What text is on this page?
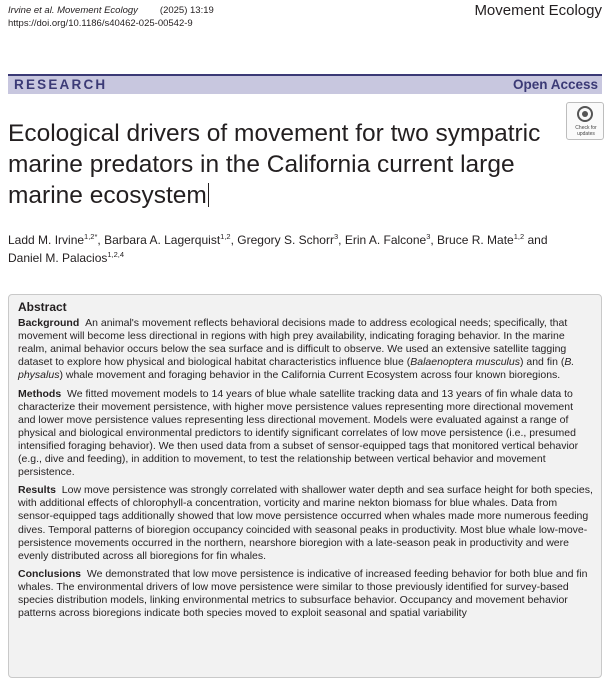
Irvine et al. Movement Ecology (2025) 13:19
https://doi.org/10.1186/s40462-025-00542-9
Movement Ecology
RESEARCH	Open Access
Ecological drivers of movement for two sympatric marine predators in the California current large marine ecosystem
Check for
updates
Ladd M. Irvine$^{1,2*}$, Barbara A. Lagerquist$^{1,2}$, Gregory S. Schorr$^3$, Erin A. Falcone$^3$, Bruce R. Mate$^{1,2}$ and Daniel M. Palacios$^{1,2,4}$
Abstract

Background An animal's movement reflects behavioral decisions made to address ecological needs; specifically, that movement will become less directional in regions with high prey availability, indicating foraging behavior. In the marine realm, animal behavior occurs below the sea surface and is difficult to observe. We used an extensive satellite tagging dataset to explore how physical and biological habitat characteristics influence blue (Balaenoptera musculus) and fin (B. physalus) whale movement and foraging behavior in the California Current Ecosystem across four known bioregions.

Methods We fitted movement models to 14 years of blue whale satellite tracking data and 13 years of fin whale data to characterize their movement persistence, with higher move persistence values representing more directional movement and lower move persistence values representing less directional movement. Models were evaluated against a range of physical and biological environmental predictors to identify significant correlates of low move persistence (i.e., presumed intensified foraging behavior). We then used data from a subset of sensor-equipped tags that monitored vertical behavior (e.g., dive and feeding), in addition to movement, to test the relationship between vertical behavior and movement persistence.

Results Low move persistence was strongly correlated with shallower water depth and sea surface height for both species, with additional effects of chlorophyll-a concentration, vorticity and marine nekton biomass for blue whales. Data from sensor-equipped tags additionally showed that low move persistence occurred when whales made more numerous feeding dives. Temporal patterns of bioregion occupancy coincided with seasonal peaks in productivity. Most blue whale low-move-persistence movements occurred in the northern, nearshore bioregion with a late-season peak in productivity and were evenly distributed across all bioregions for fin whales.

Conclusions We demonstrated that low move persistence is indicative of increased feeding behavior for both blue and fin whales. The environmental drivers of low move persistence were similar to those previously identified for survey-based species distribution models, linking environmental metrics to subsurface behavior. Occupancy and movement behavior patterns across bioregions indicate both species moved to exploit seasonal and spatial variability
